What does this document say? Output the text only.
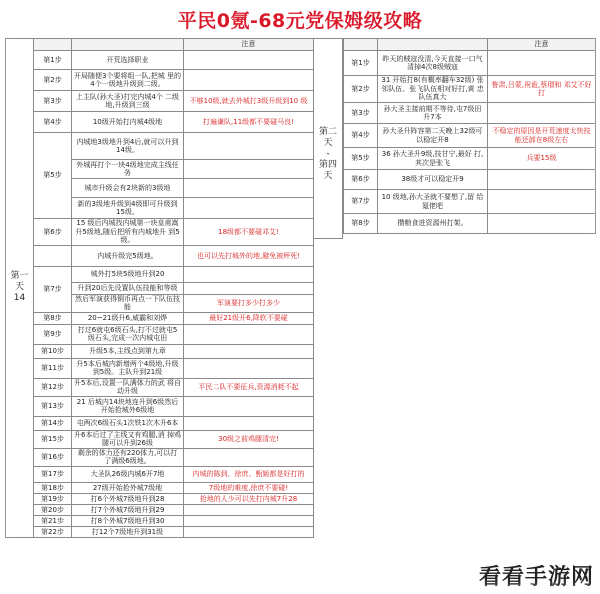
平民0氪-68元党保姆级攻略
第一天
14			注意
	第1步	开荒选择职业	
	第2步	开局随便3个要将组一队,把城 里的4个一级地升级到二级。	
	第3步	上主队(孙大圣)打完内城4个 二级地,升级到三级	不够10级,就去外城打3级升级到10 级
	第4步	10级开始打内城4级地	打遍谦队,11级都不要碰马良!
	第5步	内城地3级地升到4后,就可以升到14级。	
		外城再打个一块4级地完成主线任务	
		城市升级会有2块新的3级地	
		新的3级地升级到4级即可升级到15级。	
	第6步	15 级后内城找内城第一块皇甫嵩升5级地,随后把所有内城地升 到5级。	18级都不要碰邓艾!
		内城升级完5级地。	也可以先打城外的地,避免被秤死!
	第7步	城外打5块5级地升到20	
		升到20后先设置队伍技能和等级	
		然后军演获得铜币再点一下队伍技能	军演要打多少打多少
	第8步	20~21级升6,威霸和刘烨	最好21级开6,降软不要碰
	第9步	打过6就屯6级石头,打不过就屯5 级石头,完成一次内城屯田	
	第10步	升级5本,主线点到第九章	
	第11步	升5本后城内新增两个4级地,升级到5级。主队升到21级	
	第12步	升5本后,设置一队满体力的武 将自动升级	平民二队不要征兵,资源消耗不起
	第13步	21 后城内14块地连升到6级然后开始抢城外6级地	
	第14步	屯两次6级石头1次铁1次木升6本	
	第15步	升6本后过了主线又有鸡腿,消 掉鸡腿可以升到26级	30级之前鸡腿清完!
	第16步	剩余的体力还有220体力,可以打 了满级6级地。	
	第17步	大圣队26级内城6开7地	内城的陈到、徐庶、甄姬都是好打的
	第18步	27级开始抢外城7级地	7级地的难度,徐庶不要碰!
	第19步	打6个外城7级地升到28	抢地的人少可以先打内城7升28
	第20步	打7个外城7级地升到29	
	第21步	打8个外城7级地升到30	
	第22步	打12个7级地升到31级	
第二
天
-
第四
天
		注意
第1步	昨天的贼寇没清,今天直接一口气清掉4次8级贼寇	
第2步	31 开始打8(有概率翻车32级) 张邻队伍、张飞队伍相对好打,黄 忠队伍真大	鲁肃,吕蒙,祝诡,蔡瑁和 邓艾不好打
第3步	孙大圣主接前期不等待,屯7级田 升7本	
第4步	孙大圣升阵容第二天晚上32级可以稳定开8	不稳定的原因是开荒速度太快技能还卸在8级左右
第5步	36 孙大圣升9级,技甘宁,最好 打,其次是张飞	兵要15级
第6步	38级才可以稳定开9	
第7步	10 级地,孙大圣就不要想了,留 给氪佬吧	
第8步	攒粮食进资源州打架。	
看看手游网
